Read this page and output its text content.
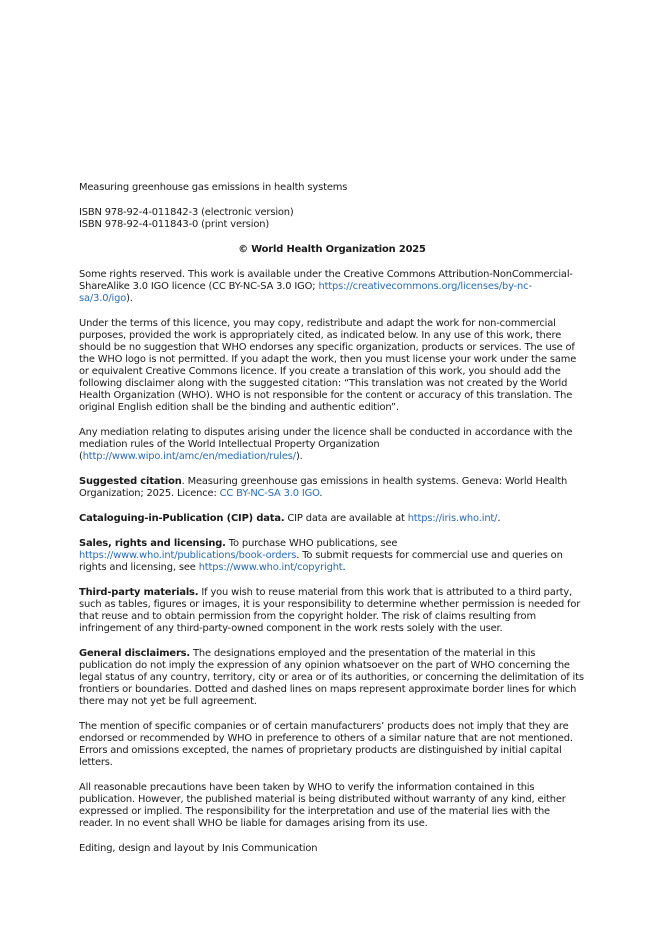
Measuring greenhouse gas emissions in health systems

ISBN 978-92-4-011842-3 (electronic version)

ISBN 978-92-4-011843-0 (print version)

© World Health Organization 2025

Some rights reserved. This work is available under the Creative Commons Attribution-NonCommercial-ShareAlike 3.0 IGO licence (CC BY-NC-SA 3.0 IGO; https://creativecommons.org/licenses/by-nc-sa/3.0/igo).

Under the terms of this licence, you may copy, redistribute and adapt the work for non-commercial purposes, provided the work is appropriately cited, as indicated below. In any use of this work, there should be no suggestion that WHO endorses any specific organization, products or services. The use of the WHO logo is not permitted. If you adapt the work, then you must license your work under the same or equivalent Creative Commons licence. If you create a translation of this work, you should add the following disclaimer along with the suggested citation: “This translation was not created by the World Health Organization (WHO). WHO is not responsible for the content or accuracy of this translation. The original English edition shall be the binding and authentic edition”.

Any mediation relating to disputes arising under the licence shall be conducted in accordance with the mediation rules of the World Intellectual Property Organization (http://www.wipo.int/amc/en/mediation/rules/).

Suggested citation. Measuring greenhouse gas emissions in health systems. Geneva: World Health Organization; 2025. Licence: CC BY-NC-SA 3.0 IGO.

Cataloguing-in-Publication (CIP) data. CIP data are available at https://iris.who.int/.

Sales, rights and licensing. To purchase WHO publications, see https://www.who.int/publications/book-orders. To submit requests for commercial use and queries on rights and licensing, see https://www.who.int/copyright.

Third-party materials. If you wish to reuse material from this work that is attributed to a third party, such as tables, figures or images, it is your responsibility to determine whether permission is needed for that reuse and to obtain permission from the copyright holder. The risk of claims resulting from infringement of any third-party-owned component in the work rests solely with the user.

General disclaimers. The designations employed and the presentation of the material in this publication do not imply the expression of any opinion whatsoever on the part of WHO concerning the legal status of any country, territory, city or area or of its authorities, or concerning the delimitation of its frontiers or boundaries. Dotted and dashed lines on maps represent approximate border lines for which there may not yet be full agreement.

The mention of specific companies or of certain manufacturers’ products does not imply that they are endorsed or recommended by WHO in preference to others of a similar nature that are not mentioned. Errors and omissions excepted, the names of proprietary products are distinguished by initial capital letters.

All reasonable precautions have been taken by WHO to verify the information contained in this publication. However, the published material is being distributed without warranty of any kind, either expressed or implied. The responsibility for the interpretation and use of the material lies with the reader. In no event shall WHO be liable for damages arising from its use.

Editing, design and layout by Inis Communication
